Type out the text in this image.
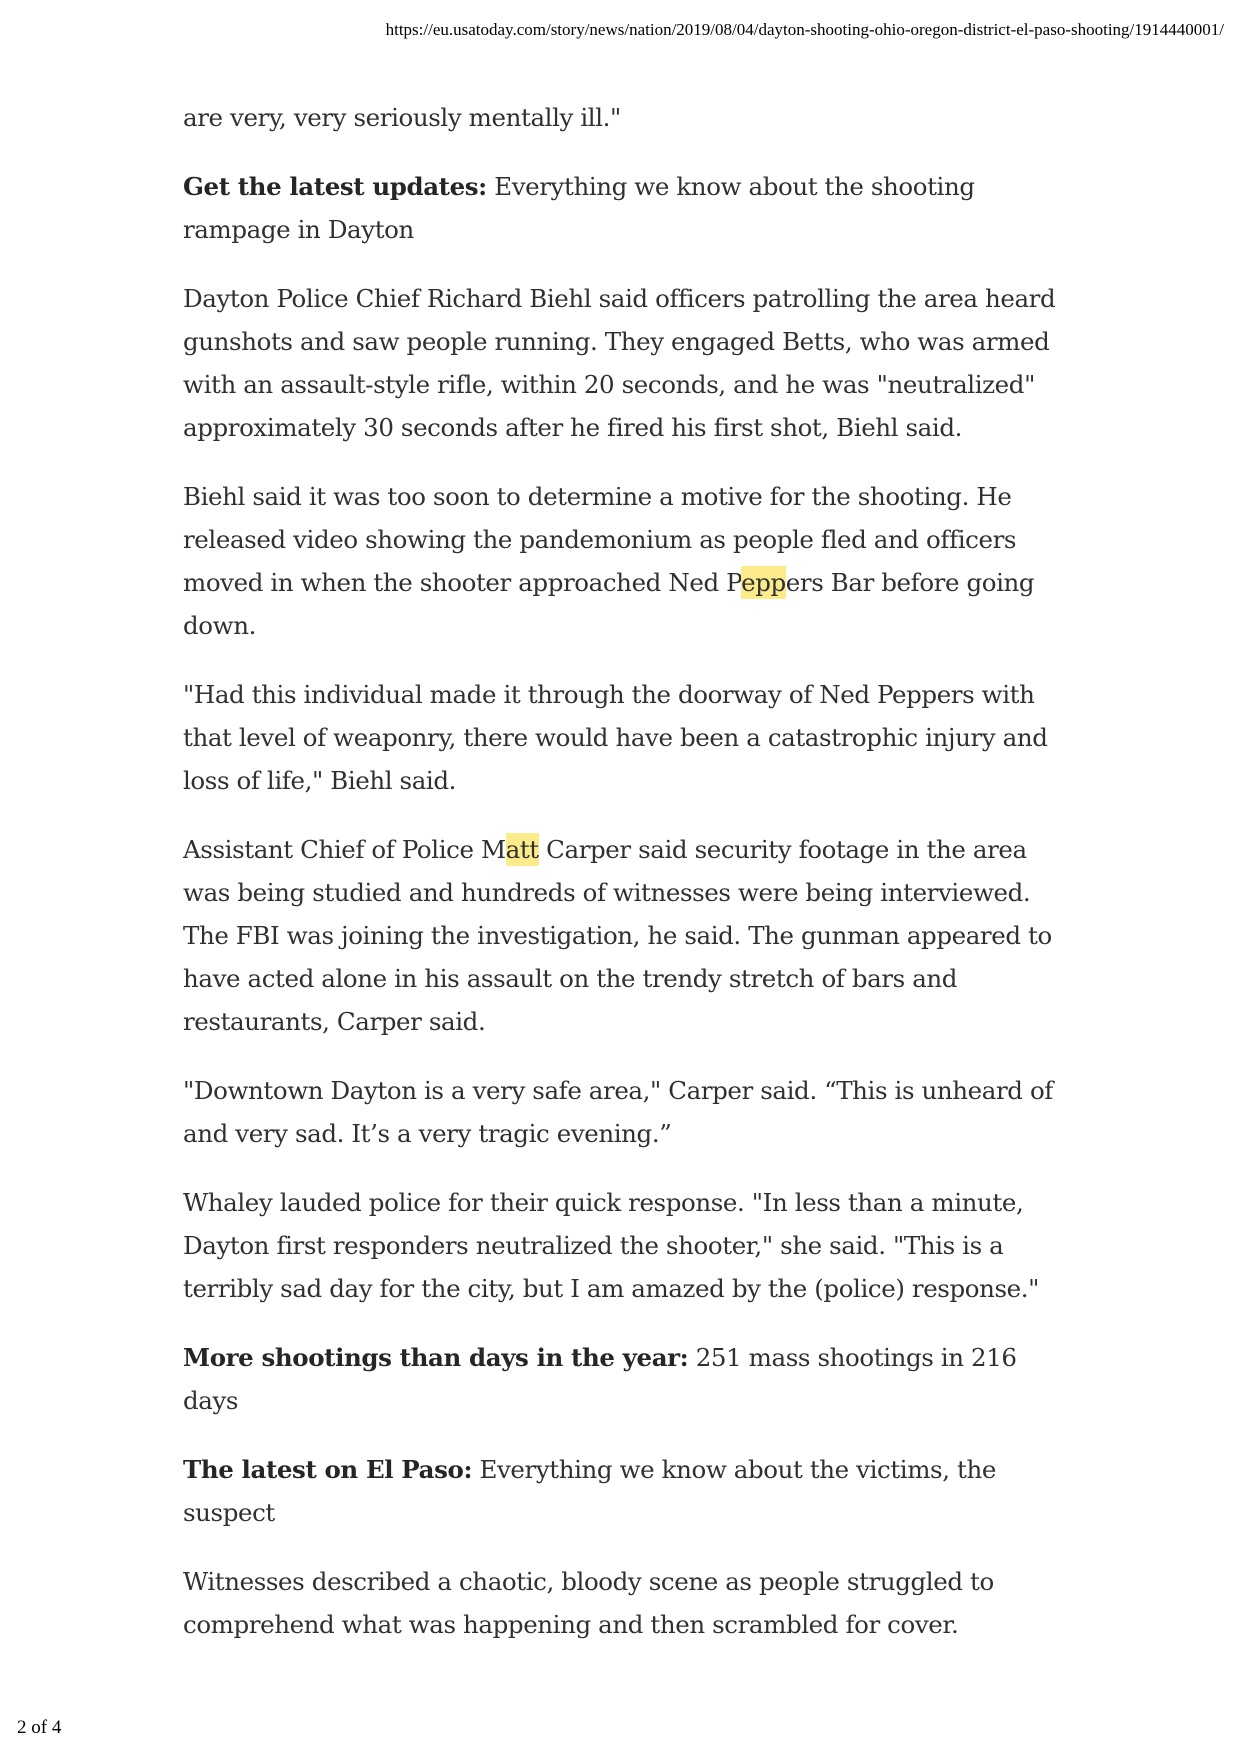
https://eu.usatoday.com/story/news/nation/2019/08/04/dayton-shooting-ohio-oregon-district-el-paso-shooting/1914440001/

are very, very seriously mentally ill."

Get the latest updates: Everything we know about the shooting rampage in Dayton

Dayton Police Chief Richard Biehl said officers patrolling the area heard gunshots and saw people running. They engaged Betts, who was armed with an assault-style rifle, within 20 seconds, and he was "neutralized" approximately 30 seconds after he fired his first shot, Biehl said.

Biehl said it was too soon to determine a motive for the shooting. He released video showing the pandemonium as people fled and officers moved in when the shooter approached Ned Peppers Bar before going down.

"Had this individual made it through the doorway of Ned Peppers with that level of weaponry, there would have been a catastrophic injury and loss of life," Biehl said.

Assistant Chief of Police Matt Carper said security footage in the area was being studied and hundreds of witnesses were being interviewed. The FBI was joining the investigation, he said. The gunman appeared to have acted alone in his assault on the trendy stretch of bars and restaurants, Carper said.

"Downtown Dayton is a very safe area," Carper said. “This is unheard of and very sad. It’s a very tragic evening.”

Whaley lauded police for their quick response. "In less than a minute, Dayton first responders neutralized the shooter," she said. "This is a terribly sad day for the city, but I am amazed by the (police) response."

More shootings than days in the year: 251 mass shootings in 216 days

The latest on El Paso: Everything we know about the victims, the suspect

Witnesses described a chaotic, bloody scene as people struggled to comprehend what was happening and then scrambled for cover.

2 of 4
